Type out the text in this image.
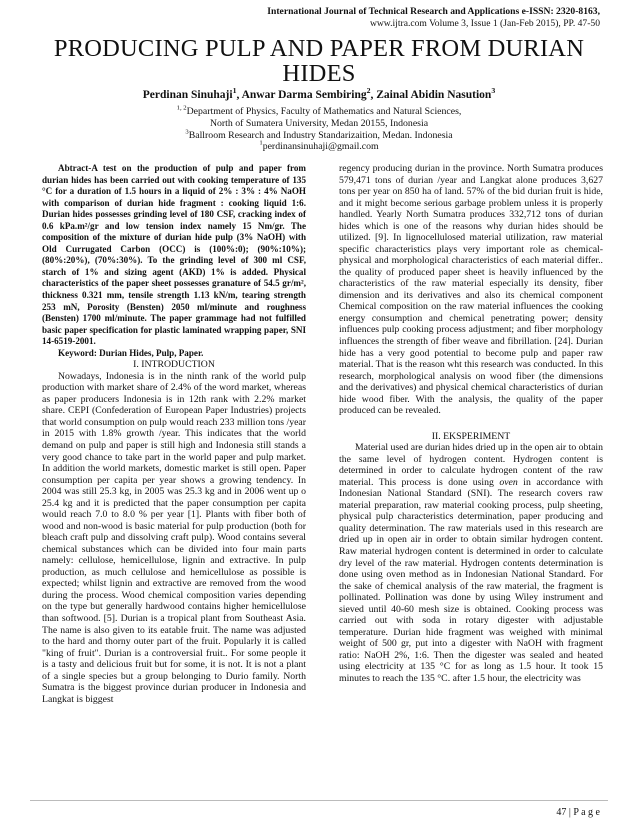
International Journal of Technical Research and Applications e-ISSN: 2320-8163,
www.ijtra.com Volume 3, Issue 1 (Jan-Feb 2015), PP. 47-50
PRODUCING PULP AND PAPER FROM DURIAN HIDES
Perdinan Sinuhaji$^1$, Anwar Darma Sembiring$^2$, Zainal Abidin Nasution$^3$
$^{1, 2}$Department of Physics, Faculty of Mathematics and Natural Sciences,
North of Sumatera University, Medan 20155, Indonesia
$^3$Ballroom Research and Industry Standarizaition, Medan. Indonesia
$^1$perdinansinuhaji@gmail.com

Abtract-A test on the production of pulp and paper from durian hides has been carried out with cooking temperature of 135 °C for a duration of 1.5 hours in a liquid of 2% : 3% : 4% NaOH with comparison of durian hide fragment : cooking liquid 1:6. Durian hides possesses grinding level of 180 CSF, cracking index of 0.6 kPa.m²/gr and low tension index namely 15 Nm/gr. The composition of the mixture of durian hide pulp (3% NaOH) with Old Currugated Carbon (OCC) is (100%:0); (90%:10%); (80%:20%), (70%:30%). To the grinding level of 300 ml CSF, starch of 1% and sizing agent (AKD) 1% is added. Physical characteristics of the paper sheet possesses granature of 54.5 gr/m², thickness 0.321 mm, tensile strength 1.13 kN/m, tearing strength 253 mN, Porosity (Bensten) 2050 ml/minute and roughness (Bensten) 1700 ml/minute. The paper grammage had not fulfilled basic paper specification for plastic laminated wrapping paper, SNI 14-6519-2001.

Keyword: Durian Hides, Pulp, Paper.

I. INTRODUCTION

Nowadays, Indonesia is in the ninth rank of the world pulp production with market share of 2.4% of the word market, whereas as paper producers Indonesia is in 12th rank with 2.2% market share. CEPI (Confederation of European Paper Industries) projects that world consumption on pulp would reach 233 million tons /year in 2015 with 1.8% growth /year. This indicates that the world demand on pulp and paper is still high and Indonesia still stands a very good chance to take part in the world paper and pulp market. In addition the world markets, domestic market is still open. Paper consumption per capita per year shows a growing tendency. In 2004 was still 25.3 kg, in 2005 was 25.3 kg and in 2006 went up o 25.4 kg and it is predicted that the paper consumption per capita would reach 7.0 to 8.0 % per year [1]. Plants with fiber both of wood and non-wood is basic material for pulp production (both for bleach craft pulp and dissolving craft pulp). Wood contains several chemical substances which can be divided into four main parts namely: cellulose, hemicellulose, lignin and extractive. In pulp production, as much cellulose and hemicellulose as possible is expected; whilst lignin and extractive are removed from the wood during the process. Wood chemical composition varies depending on the type but generally hardwood contains higher hemicellulose than softwood. [5]. Durian is a tropical plant from Southeast Asia. The name is also given to its eatable fruit. The name was adjusted to the hard and thorny outer part of the fruit. Popularly it is called "king of fruit". Durian is a controversial fruit.. For some people it is a tasty and delicious fruit but for some, it is not. It is not a plant of a single species but a group belonging to Durio family. North Sumatra is the biggest province durian producer in Indonesia and Langkat is biggest

regency producing durian in the province. North Sumatra produces 579,471 tons of durian /year and Langkat alone produces 3,627 tons per year on 850 ha of land. 57% of the bid durian fruit is hide, and it might become serious garbage problem unless it is properly handled. Yearly North Sumatra produces 332,712 tons of durian hides which is one of the reasons why durian hides should be utilized. [9]. In lignocellulosed material utilization, raw material specific characteristics plays very important role as chemical-physical and morphological characteristics of each material differ.. the quality of produced paper sheet is heavily influenced by the characteristics of the raw material especially its density, fiber dimension and its derivatives and also its chemical component Chemical composition on the raw material influences the cooking energy consumption and chemical penetrating power; density influences pulp cooking process adjustment; and fiber morphology influences the strength of fiber weave and fibrillation. [24]. Durian hide has a very good potential to become pulp and paper raw material. That is the reason wht this research was conducted. In this research, morphological analysis on wood fiber (the dimensions and the derivatives) and physical chemical characteristics of durian hide wood fiber. With the analysis, the quality of the paper produced can be revealed.

II. EKSPERIMENT

Material used are durian hides dried up in the open air to obtain the same level of hydrogen content. Hydrogen content is determined in order to calculate hydrogen content of the raw material. This process is done using oven in accordance with Indonesian National Standard (SNI). The research covers raw material preparation, raw material cooking process, pulp sheeting, physical pulp characteristics determination, paper producing and quality determination. The raw materials used in this research are dried up in open air in order to obtain similar hydrogen content. Raw material hydrogen content is determined in order to calculate dry level of the raw material. Hydrogen contents determination is done using oven method as in Indonesian National Standard. For the sake of chemical analysis of the raw material, the fragment is pollinated. Pollination was done by using Wiley instrument and sieved until 40-60 mesh size is obtained. Cooking process was carried out with soda in rotary digester with adjustable temperature. Durian hide fragment was weighed with minimal weight of 500 gr, put into a digester with NaOH with fragment ratio: NaOH 2%, 1:6. Then the digester was sealed and heated using electricity at 135 °C for as long as 1.5 hour. It took 15 minutes to reach the 135 °C. after 1.5 hour, the electricity was

47 | P a g e
